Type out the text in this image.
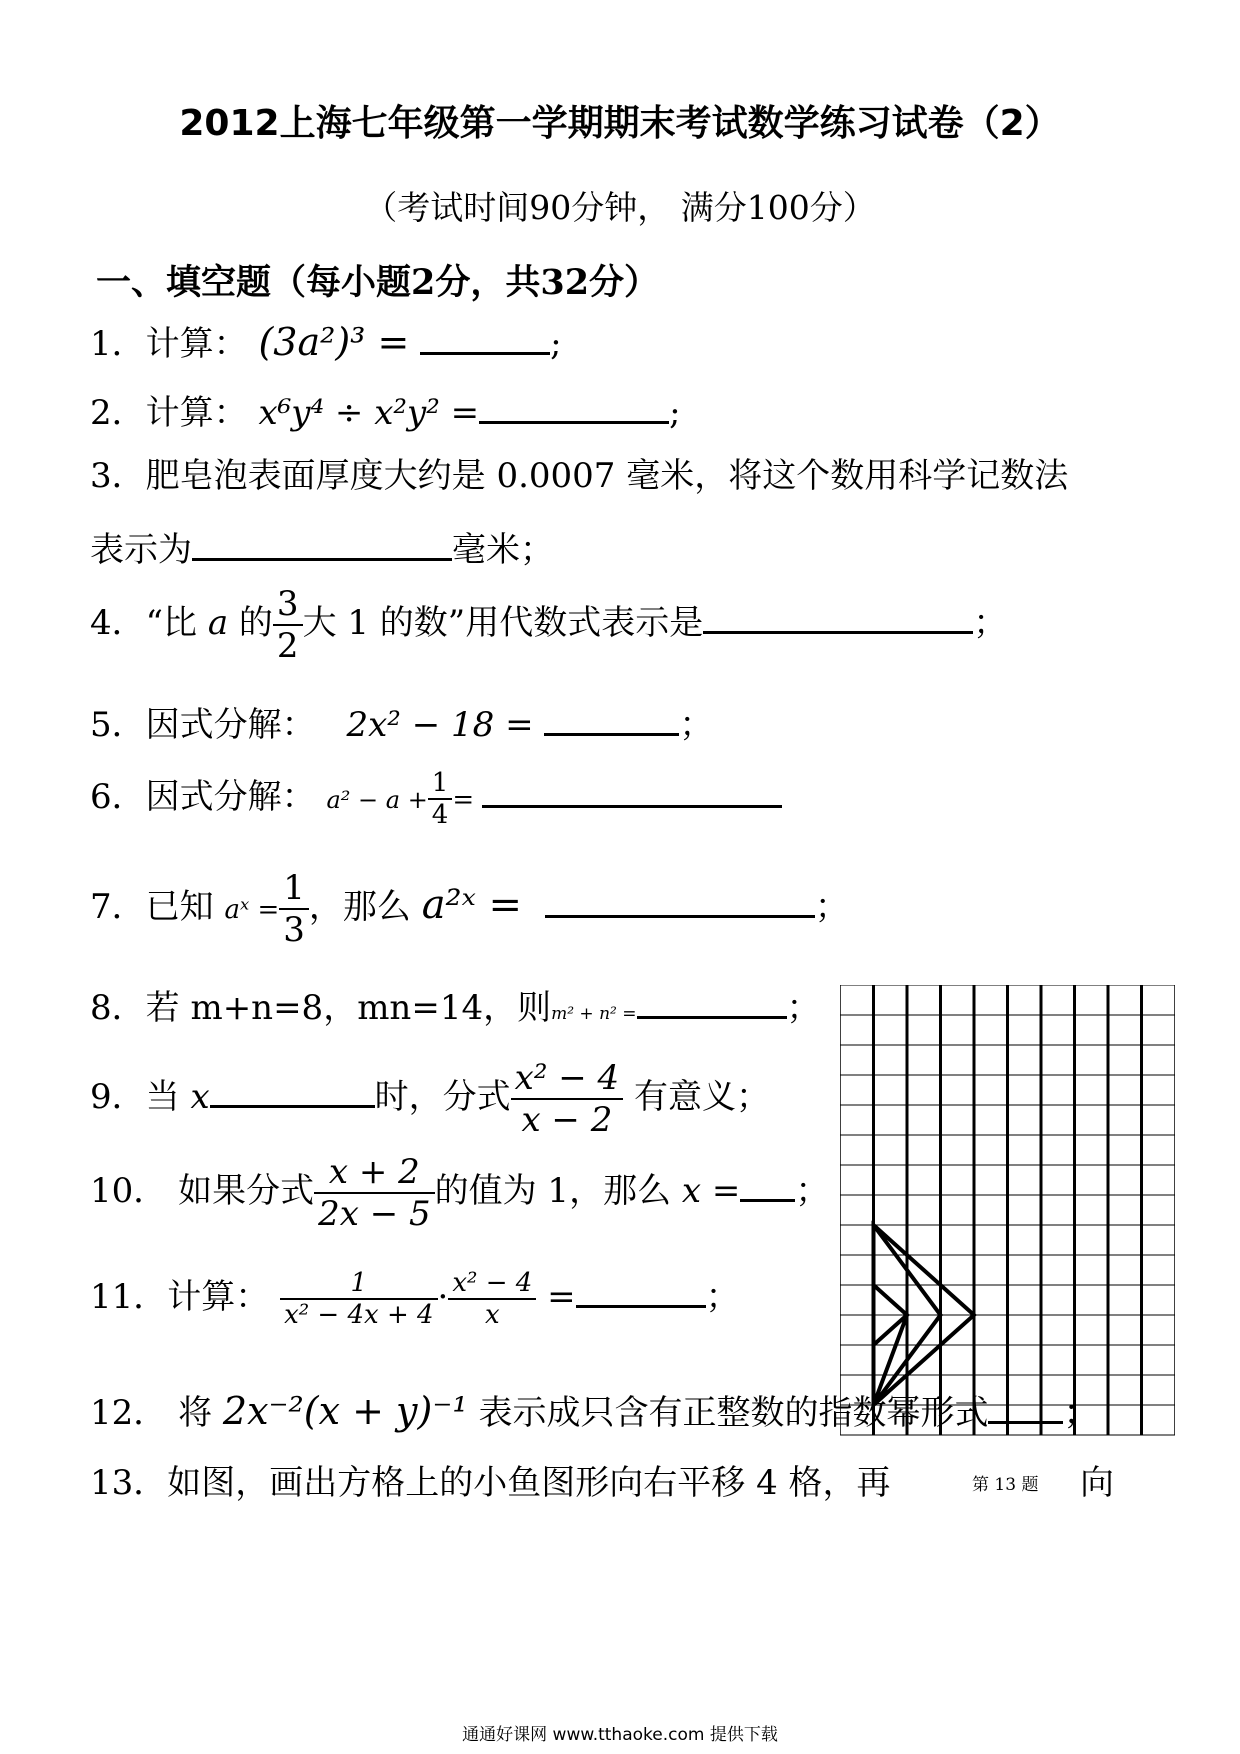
2012上海七年级第一学期期末考试数学练习试卷（2）
（考试时间90分钟， 满分100分）
一、填空题（每小题2分，共32分）
1．计算： (3a²)³ =	;
2．计算： x⁶y⁴ ÷ x²y² =	;
3．肥皂泡表面厚度大约是 0.0007 毫米，将这个数用科学记数法
表示为	毫米；
4．“比 a 的 $\frac{3}{2}$ 大 1 的数”用代数式表示是	；
5．因式分解： 2x² − 18 =	；
6．因式分解： $a^2 - a + \frac{1}{4}$ =
7．已知 aˣ = $\frac{1}{3}$ ，那么 a²ˣ =	；
8．若 m+n=8，mn=14，则m² + n² =	；
9．当 x	时，分式 $\frac{\text{x² − 4}}{x - 2}$ 有意义；
10． 如果分式 $\frac{x + 2}{2x - 5}$ 的值为 1，那么 x = ；
11．计算： $\frac{1}{\text{x² − 4x + 4}} \cdot \frac{\text{x² − 4}}{x}$ =	；
12． 将 2x⁻²(x + y)⁻¹ 表示成只含有正整数的指数幂形式 ；
13．如图，画出方格上的小鱼图形向右平移 4 格，再	第 13 题 向
通通好课网 www.tthaoke.com 提供下载
